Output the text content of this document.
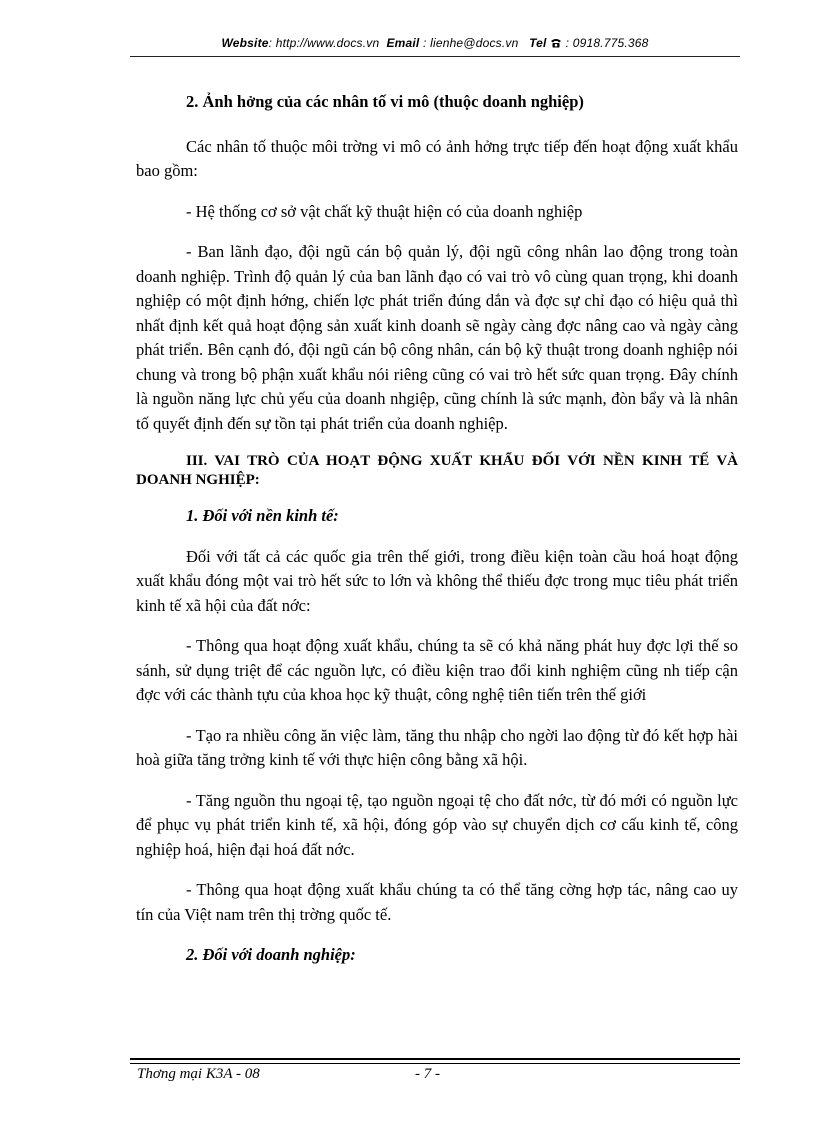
Website: http://www.docs.vn Email : lienhe@docs.vn Tel : 0918.775.368

2. Ảnh hởng của các nhân tố vi mô (thuộc doanh nghiệp)

Các nhân tố thuộc môi trờng vi mô có ảnh hởng trực tiếp đến hoạt động xuất khẩu bao gồm:

- Hệ thống cơ sở vật chất kỹ thuật hiện có của doanh nghiệp

- Ban lãnh đạo, đội ngũ cán bộ quản lý, đội ngũ công nhân lao động trong toàn doanh nghiệp. Trình độ quản lý của ban lãnh đạo có vai trò vô cùng quan trọng, khi doanh nghiệp có một định hớng, chiến lợc phát triển đúng dắn và đợc sự chỉ đạo có hiệu quả thì nhất định kết quả hoạt động sản xuất kinh doanh sẽ ngày càng đợc nâng cao và ngày càng phát triển. Bên cạnh đó, đội ngũ cán bộ công nhân, cán bộ kỹ thuật trong doanh nghiệp nói chung và trong bộ phận xuất khẩu nói riêng cũng có vai trò hết sức quan trọng. Đây chính là nguồn năng lực chủ yếu của doanh nhgiệp, cũng chính là sức mạnh, đòn bẩy và là nhân tố quyết định đến sự tồn tại phát triển của doanh nghiệp.

III. VAI TRÒ CỦA HOẠT ĐỘNG XUẤT KHẨU ĐỐI VỚI NỀN KINH TẾ VÀ DOANH NGHIỆP:

1. Đối với nền kinh tế:

Đối với tất cả các quốc gia trên thế giới, trong điều kiện toàn cầu hoá hoạt động xuất khẩu đóng một vai trò hết sức to lớn và không thể thiếu đợc trong mục tiêu phát triển kinh tế xã hội của đất nớc:

- Thông qua hoạt động xuất khẩu, chúng ta sẽ có khả năng phát huy đợc lợi thế so sánh, sử dụng triệt để các nguồn lực, có điều kiện trao đổi kinh nghiệm cũng nh tiếp cận đợc với các thành tựu của khoa học kỹ thuật, công nghệ tiên tiến trên thế giới

- Tạo ra nhiều công ăn việc làm, tăng thu nhập cho ngời lao động từ đó kết hợp hài hoà giữa tăng trởng kinh tế với thực hiện công bằng xã hội.

- Tăng nguồn thu ngoại tệ, tạo nguồn ngoại tệ cho đất nớc, từ đó mới có nguồn lực để phục vụ phát triển kinh tế, xã hội, đóng góp vào sự chuyển dịch cơ cấu kinh tế, công nghiệp hoá, hiện đại hoá đất nớc.

- Thông qua hoạt động xuất khẩu chúng ta có thể tăng cờng hợp tác, nâng cao uy tín của Việt nam trên thị trờng quốc tế.

2. Đối với doanh nghiệp:

Thơng mại K3A - 08	- 7 -
